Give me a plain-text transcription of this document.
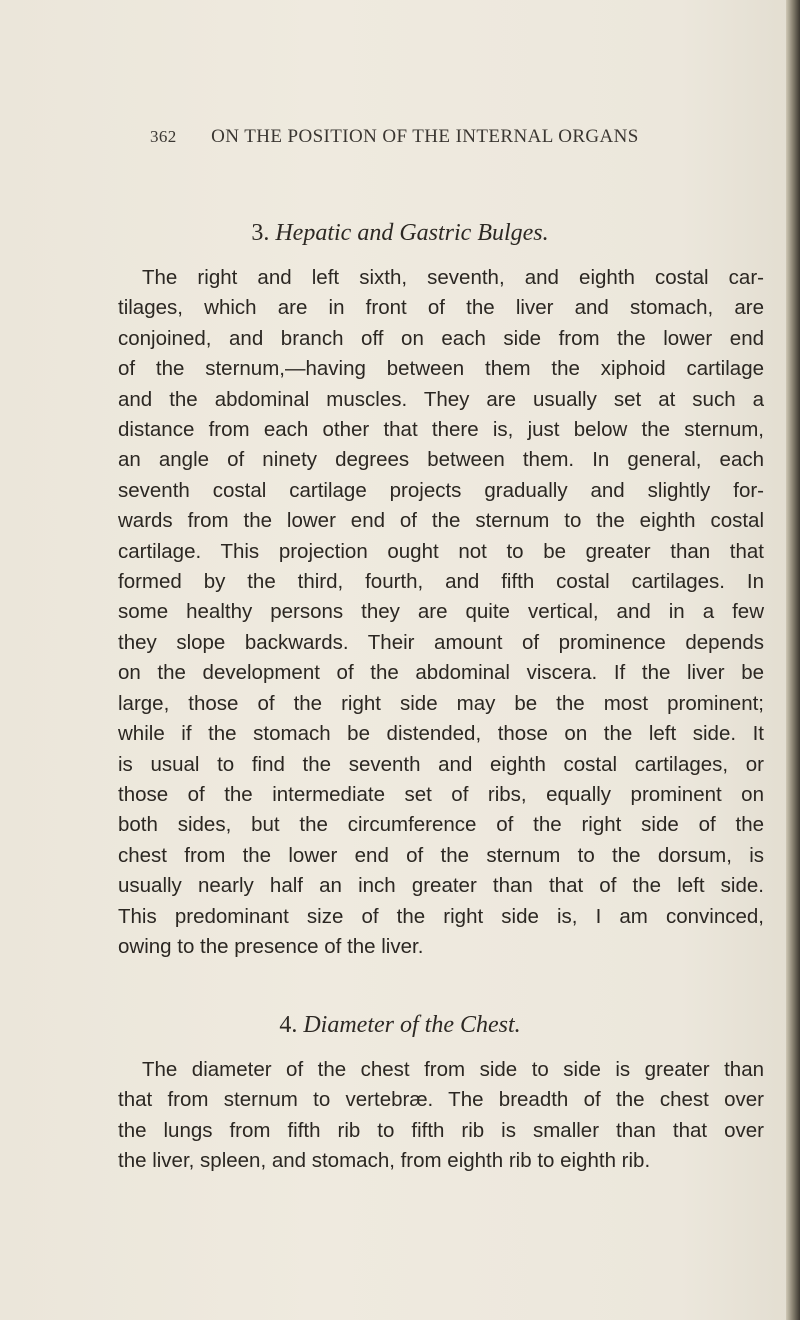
362 ON THE POSITION OF THE INTERNAL ORGANS
3. Hepatic and Gastric Bulges.
The right and left sixth, seventh, and eighth costal car-
tilages, which are in front of the liver and stomach, are
conjoined, and branch off on each side from the lower end
of the sternum,—having between them the xiphoid cartilage
and the abdominal muscles. They are usually set at such a
distance from each other that there is, just below the sternum,
an angle of ninety degrees between them. In general, each
seventh costal cartilage projects gradually and slightly for-
wards from the lower end of the sternum to the eighth costal
cartilage. This projection ought not to be greater than that
formed by the third, fourth, and fifth costal cartilages. In
some healthy persons they are quite vertical, and in a few
they slope backwards. Their amount of prominence depends
on the development of the abdominal viscera. If the liver be
large, those of the right side may be the most prominent;
while if the stomach be distended, those on the left side. It
is usual to find the seventh and eighth costal cartilages, or
those of the intermediate set of ribs, equally prominent on
both sides, but the circumference of the right side of the
chest from the lower end of the sternum to the dorsum, is
usually nearly half an inch greater than that of the left side.
This predominant size of the right side is, I am convinced,
owing to the presence of the liver.
4. Diameter of the Chest.
The diameter of the chest from side to side is greater than
that from sternum to vertebræ. The breadth of the chest over
the lungs from fifth rib to fifth rib is smaller than that over
the liver, spleen, and stomach, from eighth rib to eighth rib.
